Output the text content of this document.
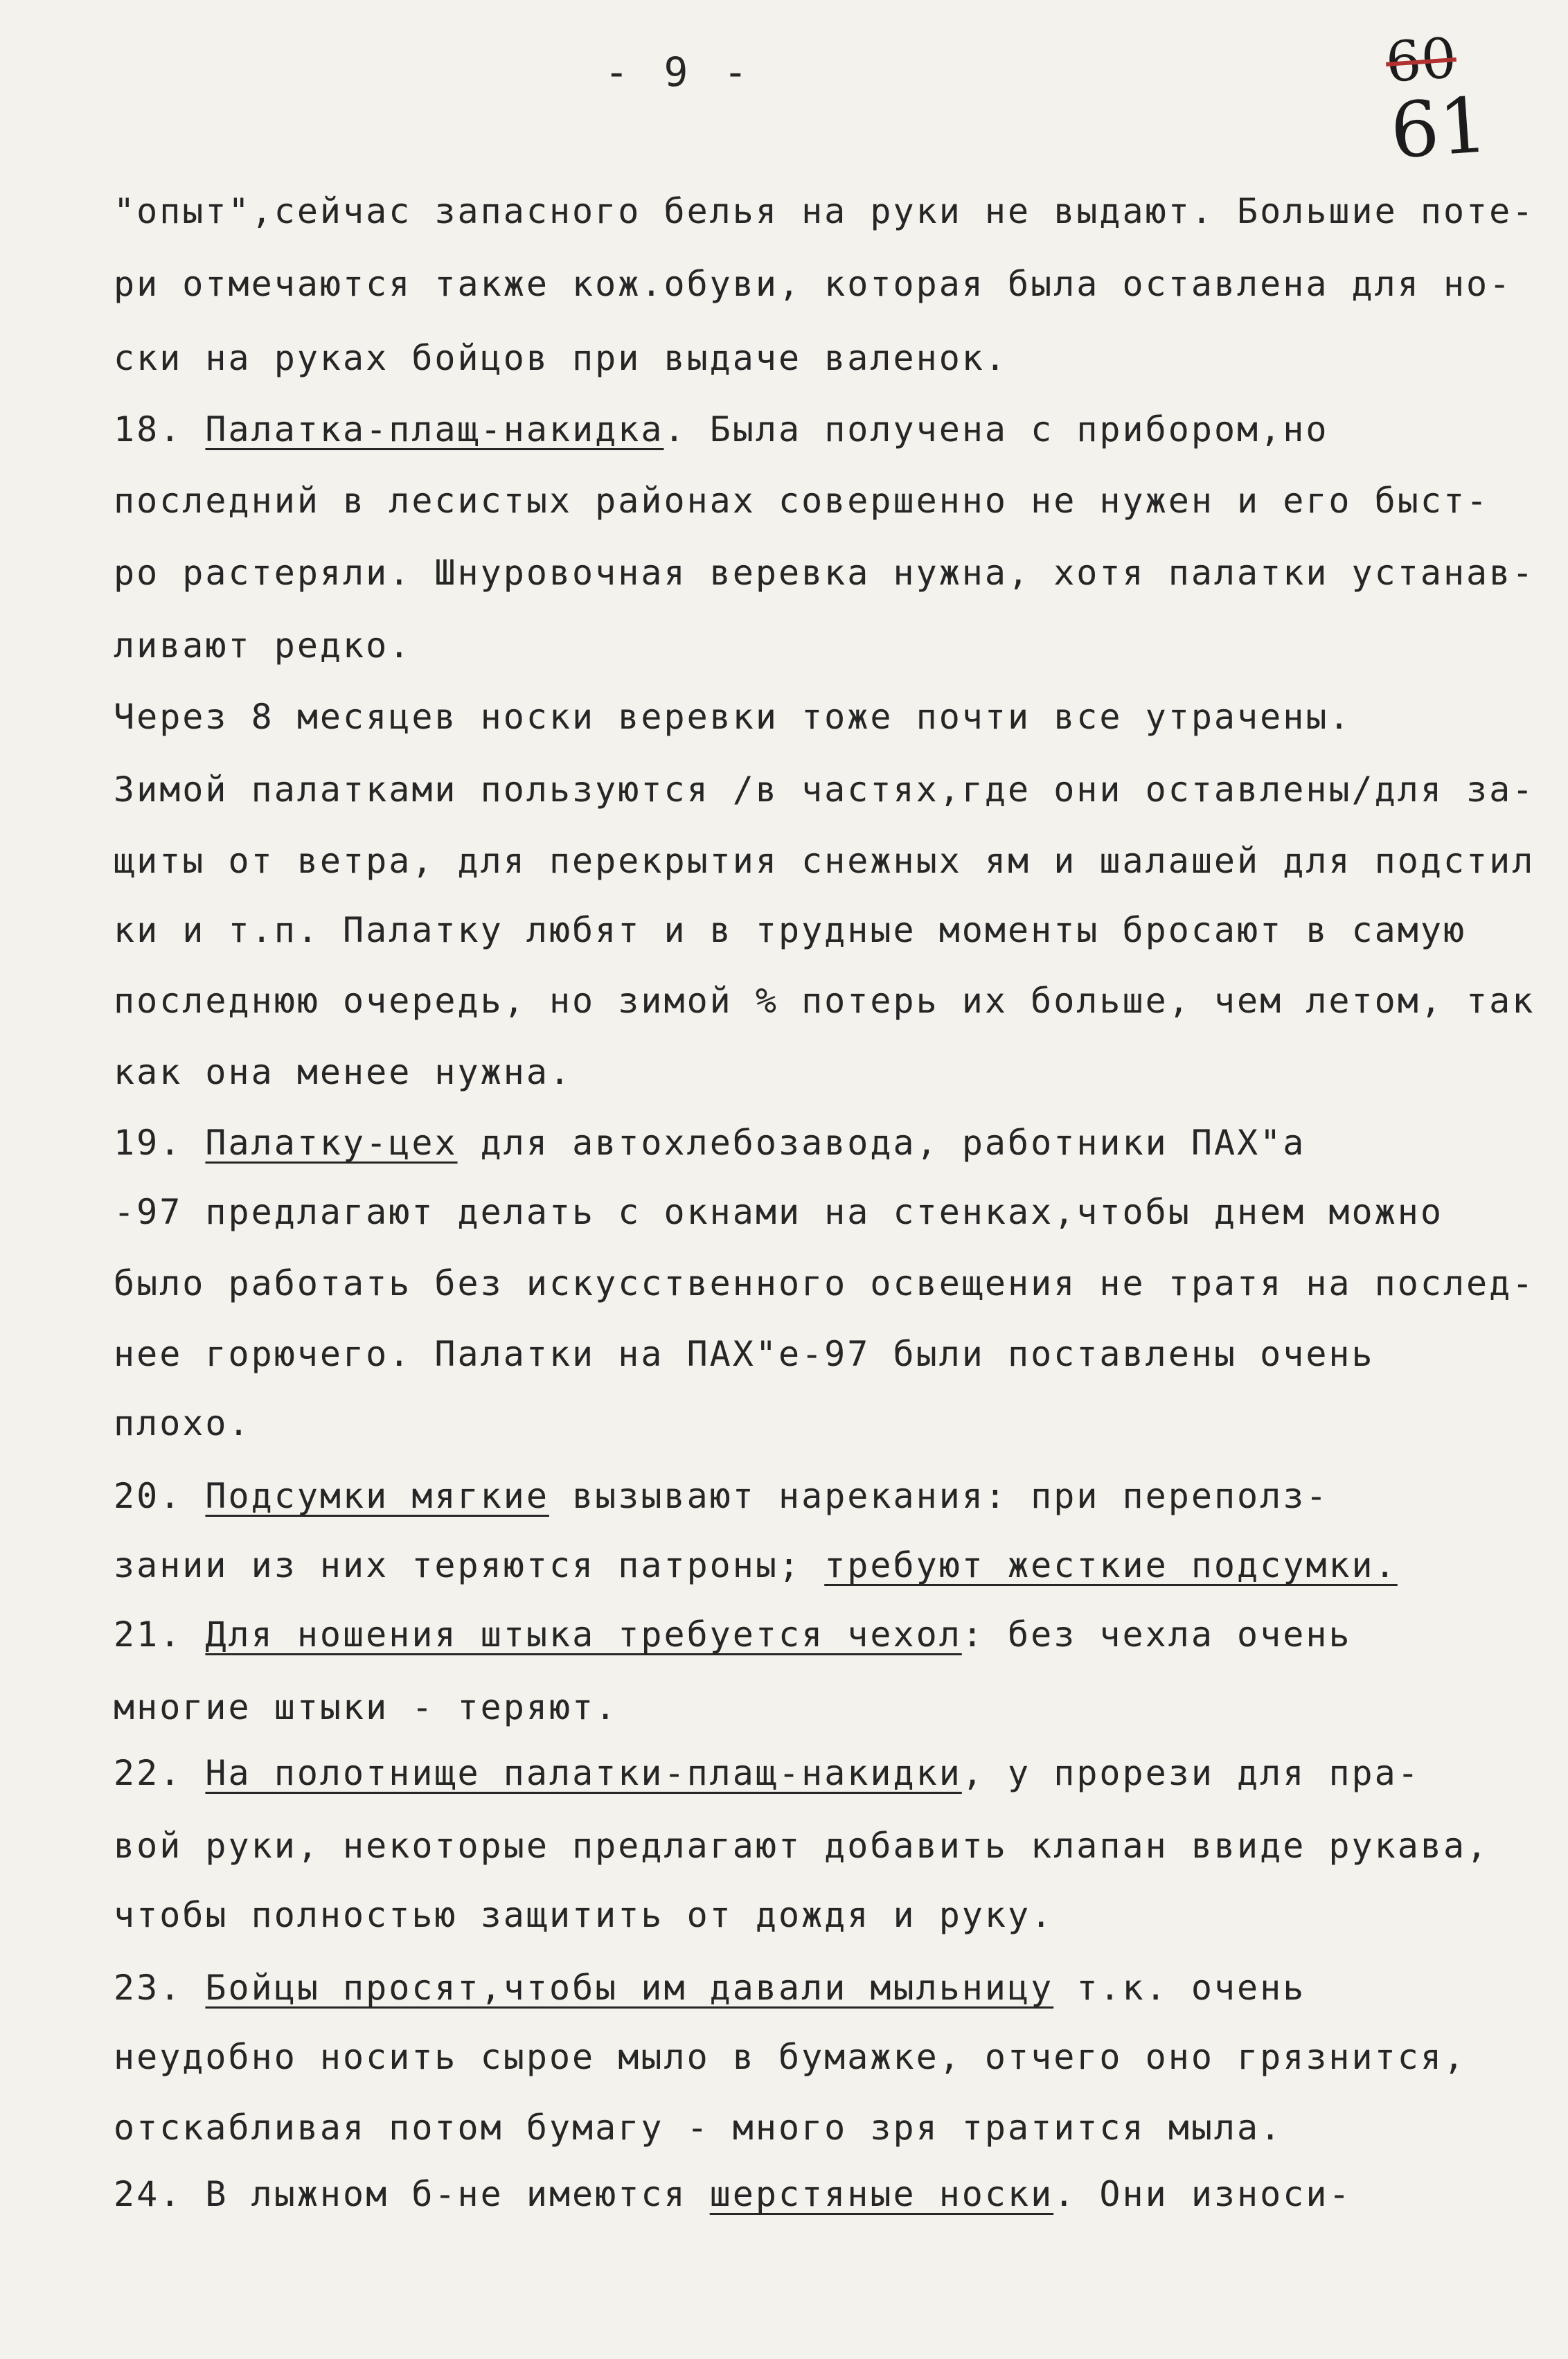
- 9 -	60
61
"опыт",сейчас запасного белья на руки не выдают. Большие поте-
ри отмечаются также кож.обуви, которая была оставлена для но-
ски на руках бойцов при выдаче валенок.
18. Палатка-плащ-накидка. Была получена с прибором,но
последний в лесистых районах совершенно не нужен и его быст-
ро растеряли. Шнуровочная веревка нужна, хотя палатки устанав-
ливают редко.
Через 8 месяцев носки веревки тоже почти все утрачены.
Зимой палатками пользуются /в частях,где они оставлены/для за-
щиты от ветра, для перекрытия снежных ям и шалашей для подстил
ки и т.п. Палатку любят и в трудные моменты бросают в самую
последнюю очередь, но зимой % потерь их больше, чем летом, так
как она менее нужна.
19. Палатку-цех для автохлебозавода, работники ПАХ"а
-97 предлагают делать с окнами на стенках,чтобы днем можно
было работать без искусственного освещения не тратя на послед-
нее горючего. Палатки на ПАХ"е-97 были поставлены очень
плохо.
20. Подсумки мягкие вызывают нарекания: при переполз-
зании из них теряются патроны; требуют жесткие подсумки.
21. Для ношения штыка требуется чехол: без чехла очень
многие штыки - теряют.
22. На полотнище палатки-плащ-накидки, у прорези для пра-
вой руки, некоторые предлагают добавить клапан ввиде рукава,
чтобы полностью защитить от дождя и руку.
23. Бойцы просят,чтобы им давали мыльницу т.к. очень
неудобно носить сырое мыло в бумажке, отчего оно грязнится,
отскабливая потом бумагу - много зря тратится мыла.
24. В лыжном б-не имеются шерстяные носки. Они износи-
